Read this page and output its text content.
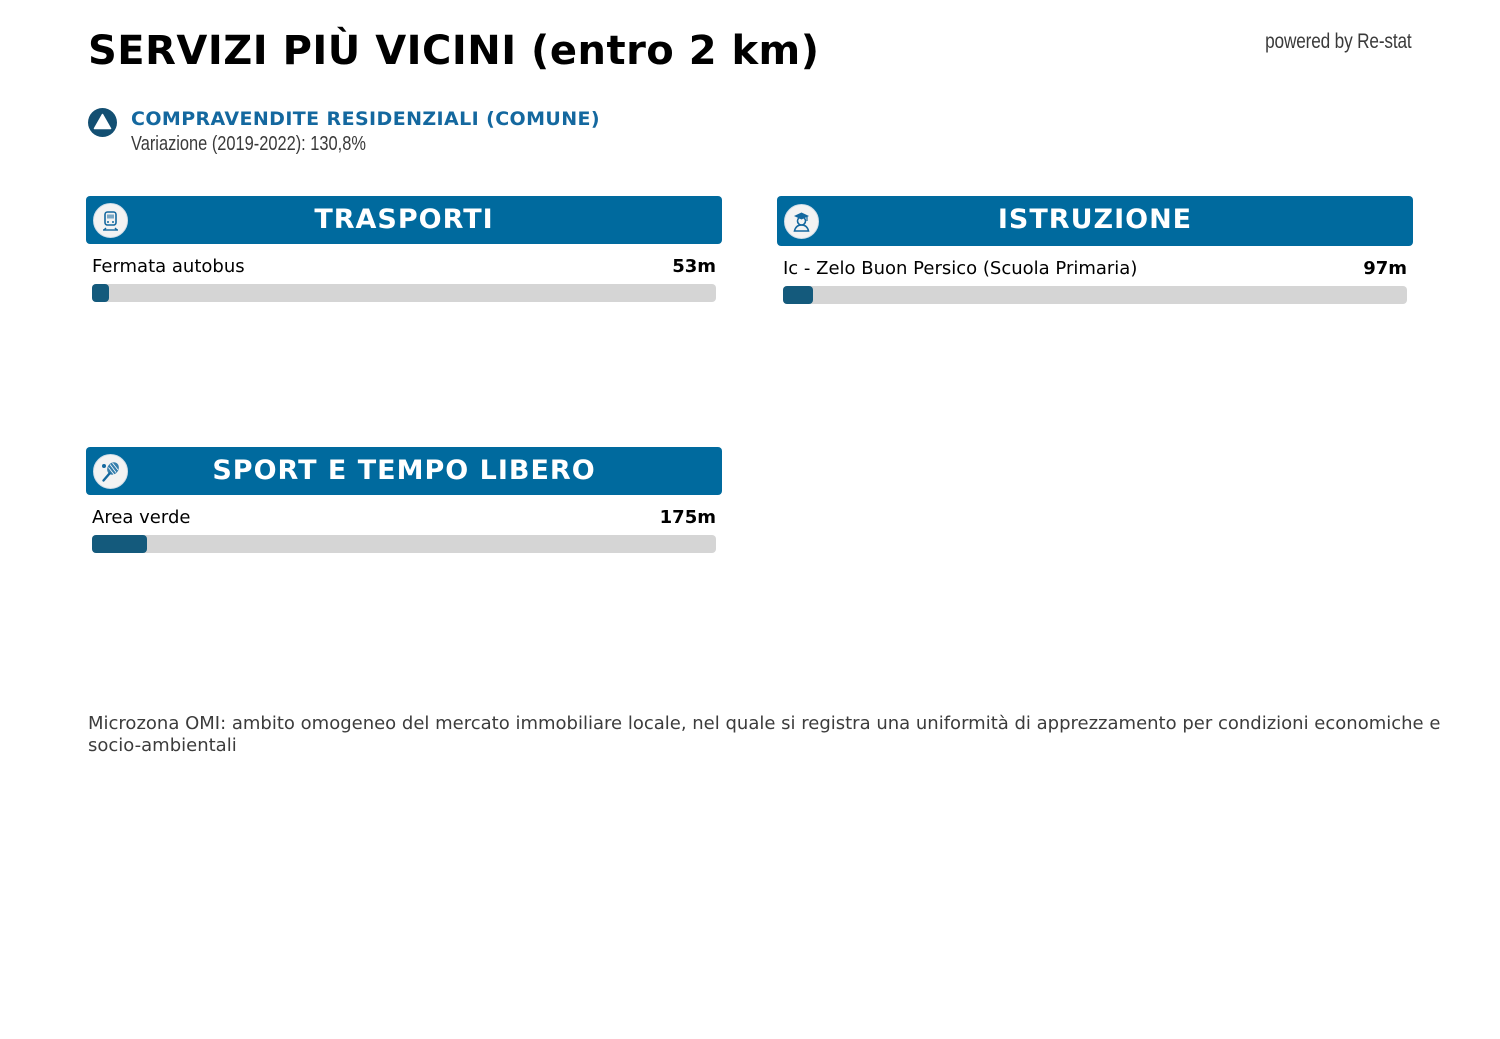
SERVIZI PIÙ VICINI (entro 2 km)	powered by Re-stat
COMPRAVENDITE RESIDENZIALI (COMUNE)
Variazione (2019-2022): 130,8%
TRASPORTI
Fermata autobus	53m
ISTRUZIONE
Ic - Zelo Buon Persico (Scuola Primaria)	97m
SPORT E TEMPO LIBERO
Area verde	175m
Microzona OMI: ambito omogeneo del mercato immobiliare locale, nel quale si registra una uniformità di apprezzamento per condizioni economiche e socio-ambientali
